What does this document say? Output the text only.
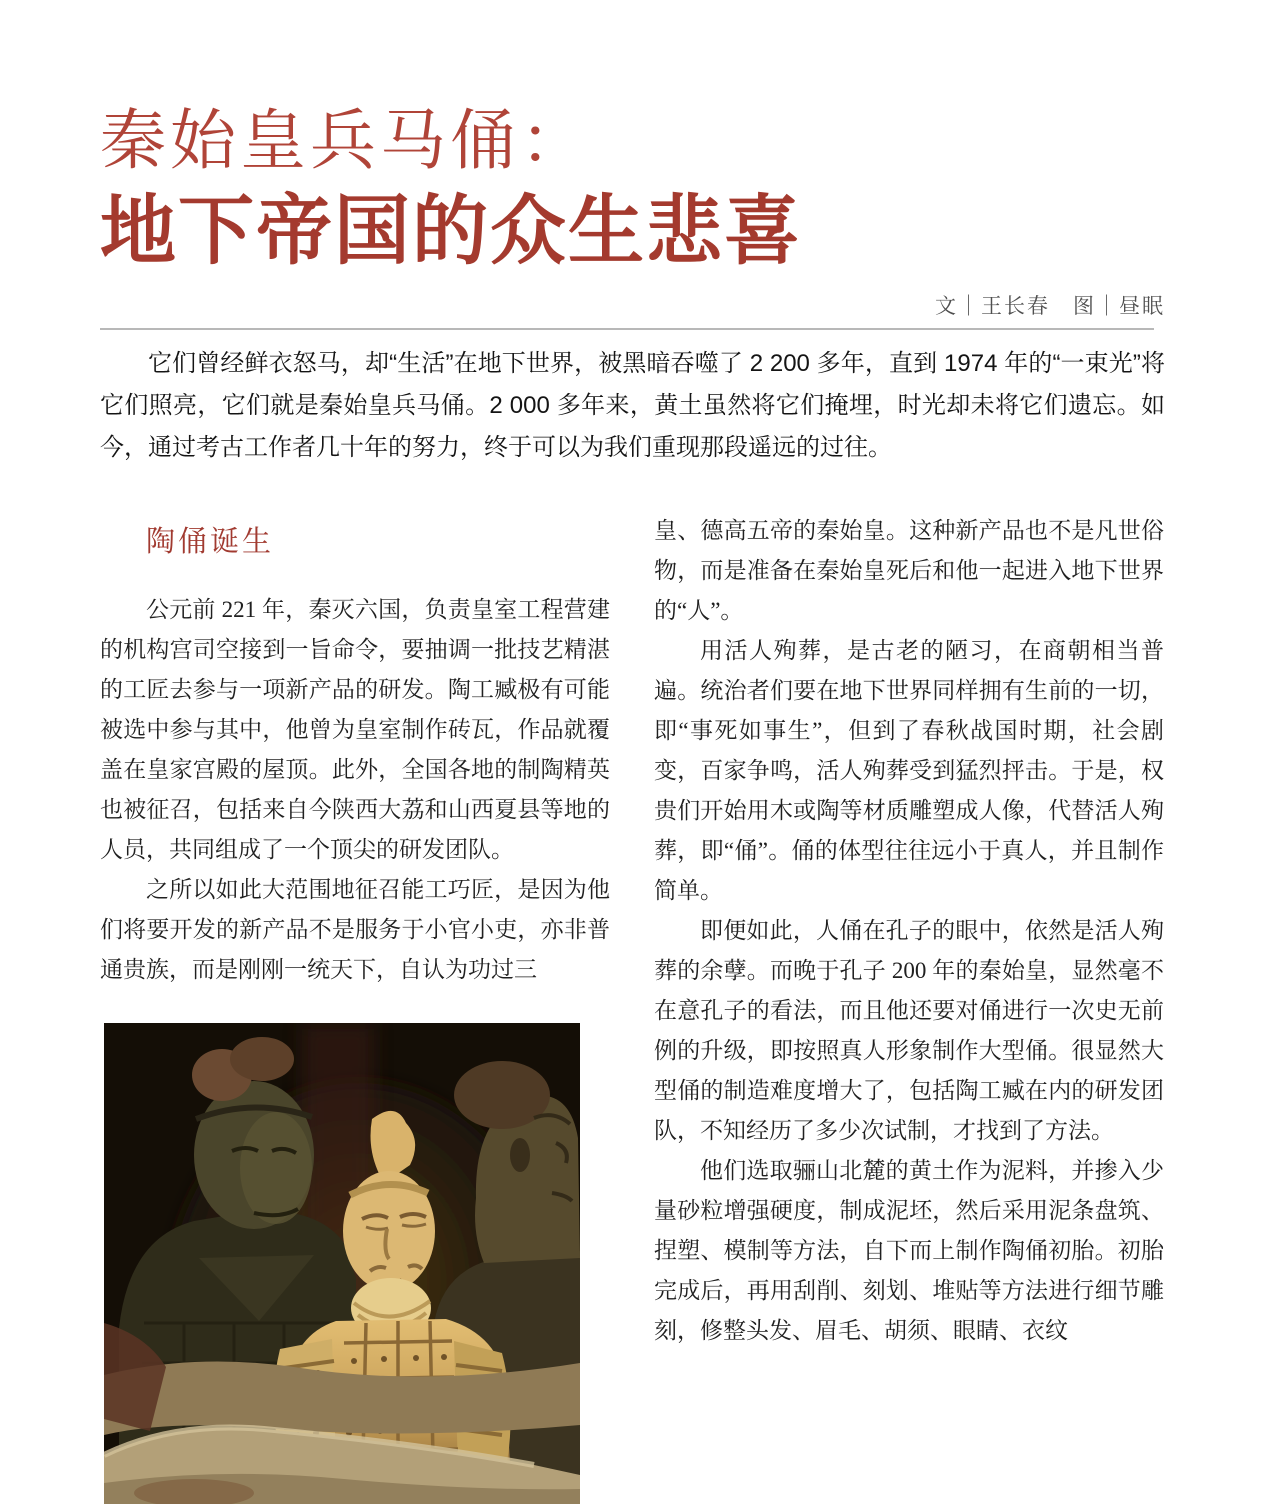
秦始皇兵马俑：
地下帝国的众生悲喜
文｜王长春　图｜昼眠

它们曾经鲜衣怒马，却“生活”在地下世界，被黑暗吞噬了 2 200 多年，直到 1974 年的“一束光”将它们照亮，它们就是秦始皇兵马俑。2 000 多年来，黄土虽然将它们掩埋，时光却未将它们遗忘。如今，通过考古工作者几十年的努力，终于可以为我们重现那段遥远的过往。

陶俑诞生

公元前 221 年，秦灭六国，负责皇室工程营建的机构宫司空接到一旨命令，要抽调一批技艺精湛的工匠去参与一项新产品的研发。陶工臧极有可能被选中参与其中，他曾为皇室制作砖瓦，作品就覆盖在皇家宫殿的屋顶。此外，全国各地的制陶精英也被征召，包括来自今陕西大荔和山西夏县等地的人员，共同组成了一个顶尖的研发团队。

之所以如此大范围地征召能工巧匠，是因为他们将要开发的新产品不是服务于小官小吏，亦非普通贵族，而是刚刚一统天下，自认为功过三

皇、德高五帝的秦始皇。这种新产品也不是凡世俗物，而是准备在秦始皇死后和他一起进入地下世界的“人”。

用活人殉葬，是古老的陋习，在商朝相当普遍。统治者们要在地下世界同样拥有生前的一切，即“事死如事生”，但到了春秋战国时期，社会剧变，百家争鸣，活人殉葬受到猛烈抨击。于是，权贵们开始用木或陶等材质雕塑成人像，代替活人殉葬，即“俑”。俑的体型往往远小于真人，并且制作简单。

即便如此，人俑在孔子的眼中，依然是活人殉葬的余孽。而晚于孔子 200 年的秦始皇，显然毫不在意孔子的看法，而且他还要对俑进行一次史无前例的升级，即按照真人形象制作大型俑。很显然大型俑的制造难度增大了，包括陶工臧在内的研发团队，不知经历了多少次试制，才找到了方法。

他们选取骊山北麓的黄土作为泥料，并掺入少量砂粒增强硬度，制成泥坯，然后采用泥条盘筑、捏塑、模制等方法，自下而上制作陶俑初胎。初胎完成后，再用刮削、刻划、堆贴等方法进行细节雕刻，修整头发、眉毛、胡须、眼睛、衣纹
